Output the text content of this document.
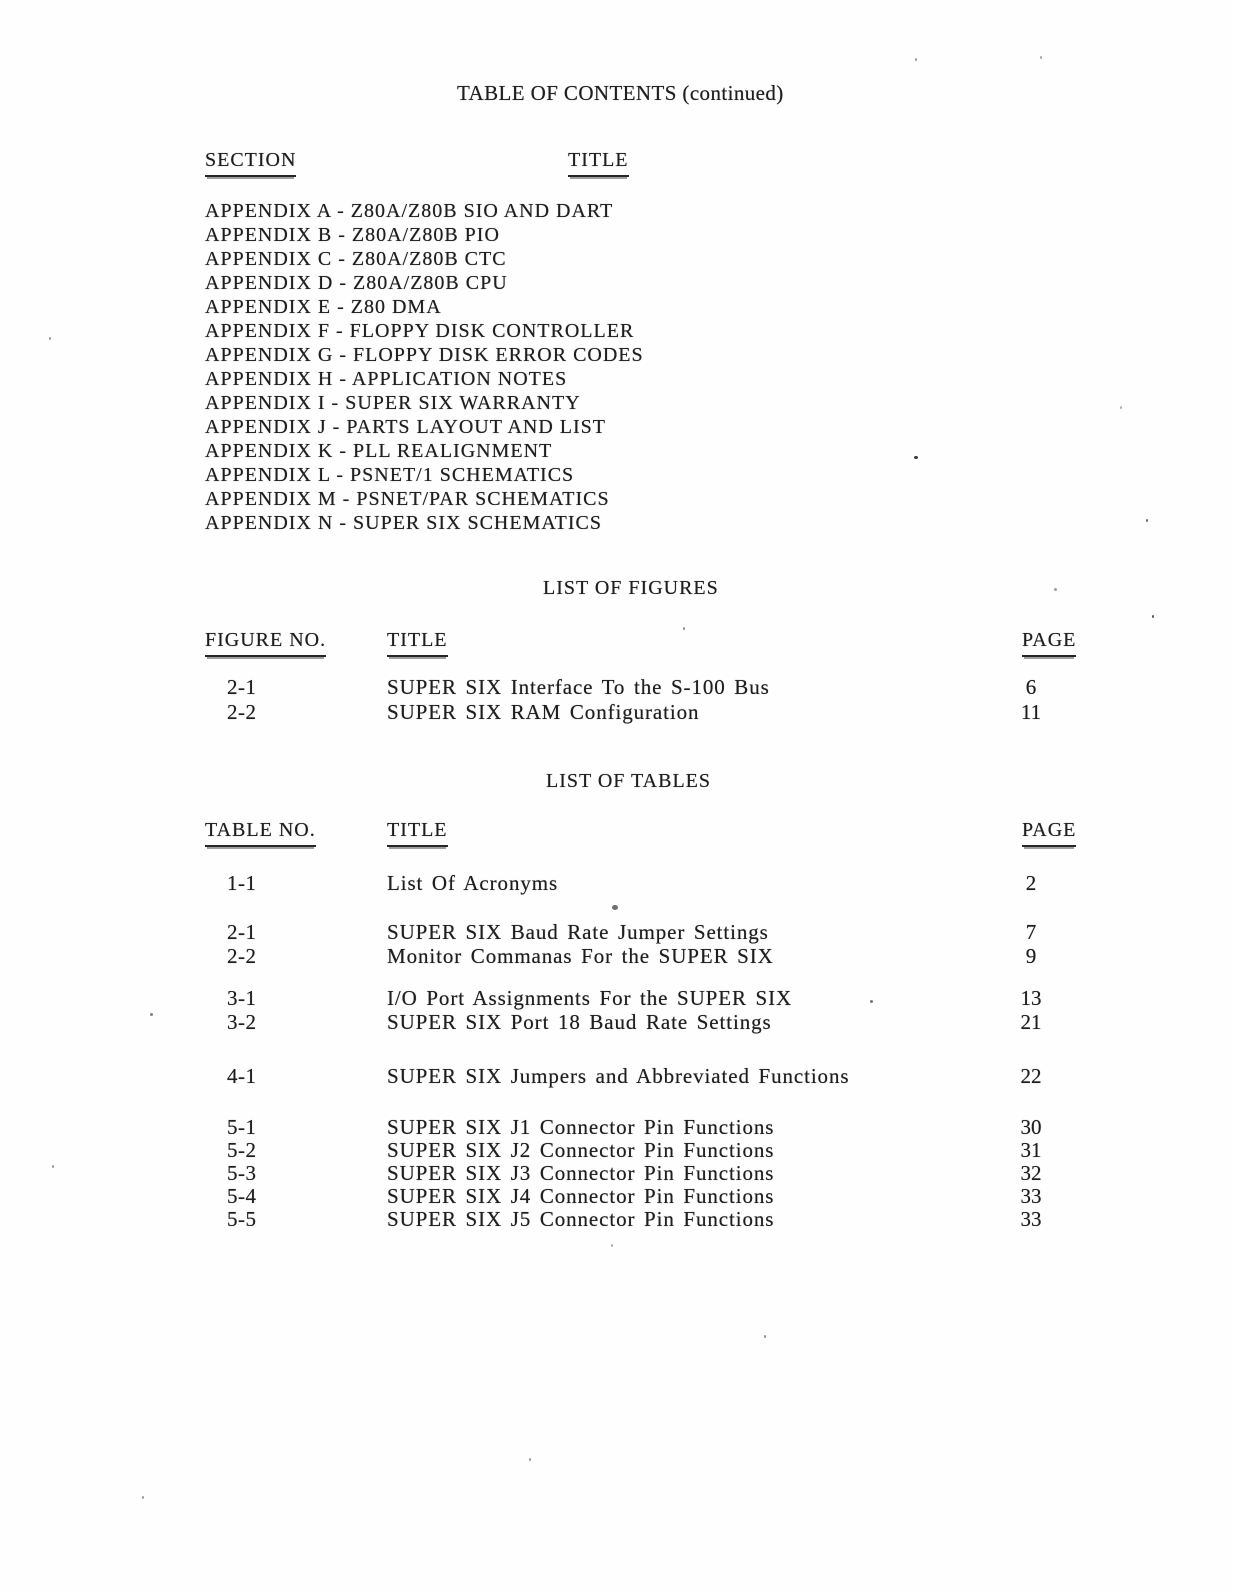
TABLE OF CONTENTS (continued)
SECTION	TITLE
APPENDIX A - Z80A/Z80B SIO AND DART
APPENDIX B - Z80A/Z80B PIO
APPENDIX C - Z80A/Z80B CTC
APPENDIX D - Z80A/Z80B CPU
APPENDIX E - Z80 DMA
APPENDIX F - FLOPPY DISK CONTROLLER
APPENDIX G - FLOPPY DISK ERROR CODES
APPENDIX H - APPLICATION NOTES
APPENDIX I - SUPER SIX WARRANTY
APPENDIX J - PARTS LAYOUT AND LIST
APPENDIX K - PLL REALIGNMENT
APPENDIX L - PSNET/1 SCHEMATICS
APPENDIX M - PSNET/PAR SCHEMATICS
APPENDIX N - SUPER SIX SCHEMATICS
LIST OF FIGURES
FIGURE NO.	TITLE	PAGE
2-1	SUPER SIX Interface To the S-100 Bus	6
2-2	SUPER SIX RAM Configuration	11
LIST OF TABLES
TABLE NO.	TITLE	PAGE
1-1	List Of Acronyms	2
2-1	SUPER SIX Baud Rate Jumper Settings	7
2-2	Monitor Commanas For the SUPER SIX	9
3-1	I/O Port Assignments For the SUPER SIX	13
3-2	SUPER SIX Port 18 Baud Rate Settings	21
4-1	SUPER SIX Jumpers and Abbreviated Functions	22
5-1	SUPER SIX J1 Connector Pin Functions	30
5-2	SUPER SIX J2 Connector Pin Functions	31
5-3	SUPER SIX J3 Connector Pin Functions	32
5-4	SUPER SIX J4 Connector Pin Functions	33
5-5	SUPER SIX J5 Connector Pin Functions	33
